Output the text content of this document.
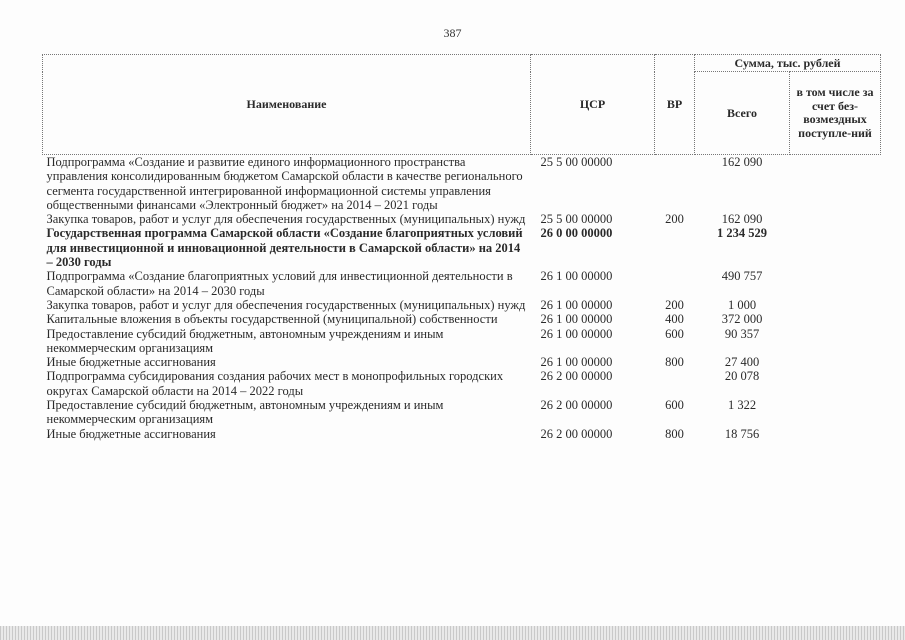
387
Наименование	ЦСР	ВР	Сумма, тыс. рублей	
			Всего	в том числе за счет без-возмездных поступле-ний
Подпрограмма «Создание и развитие единого информационного пространства управления консолидированным бюджетом Самарской области в качестве регионального сегмента государственной интегрированной информационной системы управления общественными финансами «Электронный бюджет» на 2014 – 2021 годы	25 5 00 00000		162 090	
Закупка товаров, работ и услуг для обеспечения государственных (муниципальных) нужд	25 5 00 00000	200	162 090	
Государственная программа Самарской области «Создание благоприятных условий для инвестиционной и инновационной деятельности в Самарской области» на 2014 – 2030 годы	26 0 00 00000		1 234 529	
Подпрограмма «Создание благоприятных условий для инвестиционной деятельности в Самарской области» на 2014 – 2030 годы	26 1 00 00000		490 757	
Закупка товаров, работ и услуг для обеспечения государственных (муниципальных) нужд	26 1 00 00000	200	1 000	
Капитальные вложения в объекты государственной (муниципальной) собственности	26 1 00 00000	400	372 000	
Предоставление субсидий бюджетным, автономным учреждениям и иным некоммерческим организациям	26 1 00 00000	600	90 357	
Иные бюджетные ассигнования	26 1 00 00000	800	27 400	
Подпрограмма субсидирования создания рабочих мест в монопрофильных городских округах Самарской области на 2014 – 2022 годы	26 2 00 00000		20 078	
Предоставление субсидий бюджетным, автономным учреждениям и иным некоммерческим организациям	26 2 00 00000	600	1 322	
Иные бюджетные ассигнования	26 2 00 00000	800	18 756	
